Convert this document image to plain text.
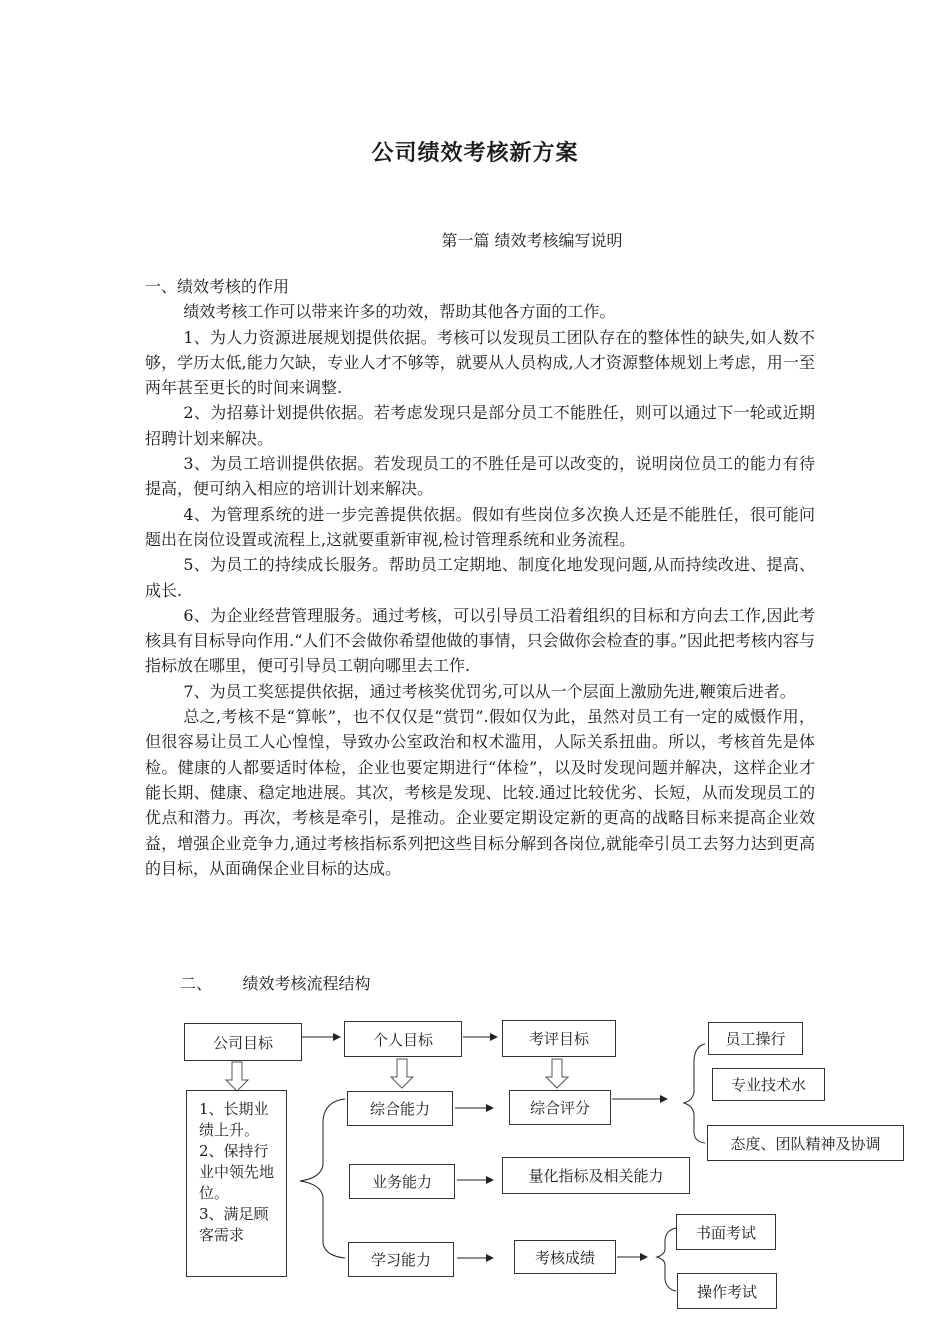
公司绩效考核新方案
第一篇 绩效考核编写说明

一、绩效考核的作用

绩效考核工作可以带来许多的功效，帮助其他各方面的工作。

1、为人力资源进展规划提供依据。考核可以发现员工团队存在的整体性的缺失,如人数不够，学历太低,能力欠缺，专业人才不够等，就要从人员构成,人才资源整体规划上考虑，用一至两年甚至更长的时间来调整.

2、为招募计划提供依据。若考虑发现只是部分员工不能胜任，则可以通过下一轮或近期招聘计划来解决。

3、为员工培训提供依据。若发现员工的不胜任是可以改变的，说明岗位员工的能力有待提高，便可纳入相应的培训计划来解决。

4、为管理系统的进一步完善提供依据。假如有些岗位多次换人还是不能胜任，很可能问题出在岗位设置或流程上,这就要重新审视,检讨管理系统和业务流程。

5、为员工的持续成长服务。帮助员工定期地、制度化地发现问题,从而持续改进、提高、成长.

6、为企业经营管理服务。通过考核，可以引导员工沿着组织的目标和方向去工作,因此考核具有目标导向作用.“人们不会做你希望他做的事情，只会做你会检查的事。”因此把考核内容与指标放在哪里，便可引导员工朝向哪里去工作.

7、为员工奖惩提供依据，通过考核奖优罚劣,可以从一个层面上激励先进,鞭策后进者。

总之,考核不是“算帐”，也不仅仅是“赏罚”.假如仅为此，虽然对员工有一定的威慑作用，但很容易让员工人心惶惶，导致办公室政治和权术滥用，人际关系扭曲。所以，考核首先是体检。健康的人都要适时体检，企业也要定期进行“体检”，以及时发现问题并解决，这样企业才能长期、健康、稳定地进展。其次，考核是发现、比较.通过比较优劣、长短，从而发现员工的优点和潜力。再次，考核是牵引，是推动。企业要定期设定新的更高的战略目标来提高企业效益，增强企业竞争力,通过考核指标系列把这些目标分解到各岗位,就能牵引员工去努力达到更高的目标，从面确保企业目标的达成。

二、      绩效考核流程结构
公司目标	个人目标	考评目标
1、长期业绩上升。
2、保持行业中领先地位。
3、满足顾客需求
综合能力	综合评分
业务能力	量化指标及相关能力
学习能力	考核成绩
员工操行
专业技术水
态度、团队精神及协调
书面考试
操作考试
